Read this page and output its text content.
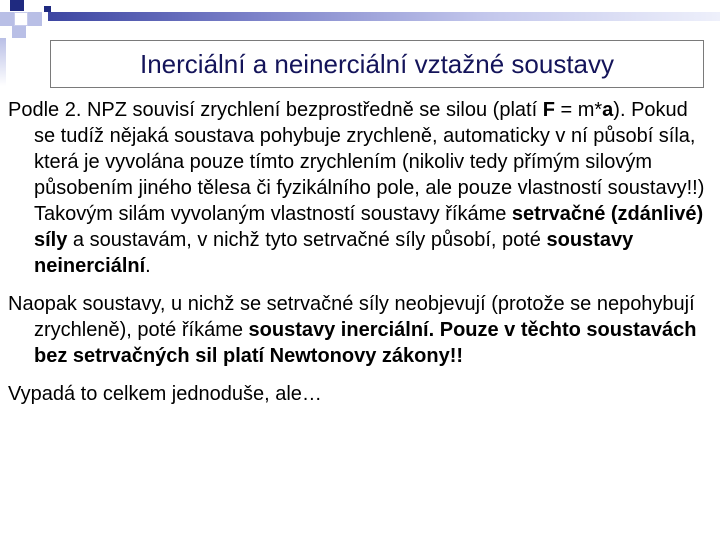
Inerciální a neinerciální vztažné soustavy

Podle 2. NPZ souvisí zrychlení bezprostředně se silou (platí F = m*a). Pokud se tudíž nějaká soustava pohybuje zrychleně, automaticky v ní působí síla, která je vyvolána pouze tímto zrychlením (nikoliv tedy přímým silovým působením jiného tělesa či fyzikálního pole, ale pouze vlastností soustavy!!) Takovým silám vyvolaným vlastností soustavy říkáme setrvačné (zdánlivé) síly a soustavám, v nichž tyto setrvačné síly působí, poté soustavy neinerciální.

Naopak soustavy, u nichž se setrvačné síly neobjevují (protože se nepohybují zrychleně), poté říkáme soustavy inerciální. Pouze v těchto soustavách bez setrvačných sil platí Newtonovy zákony!!

Vypadá to celkem jednoduše, ale…
